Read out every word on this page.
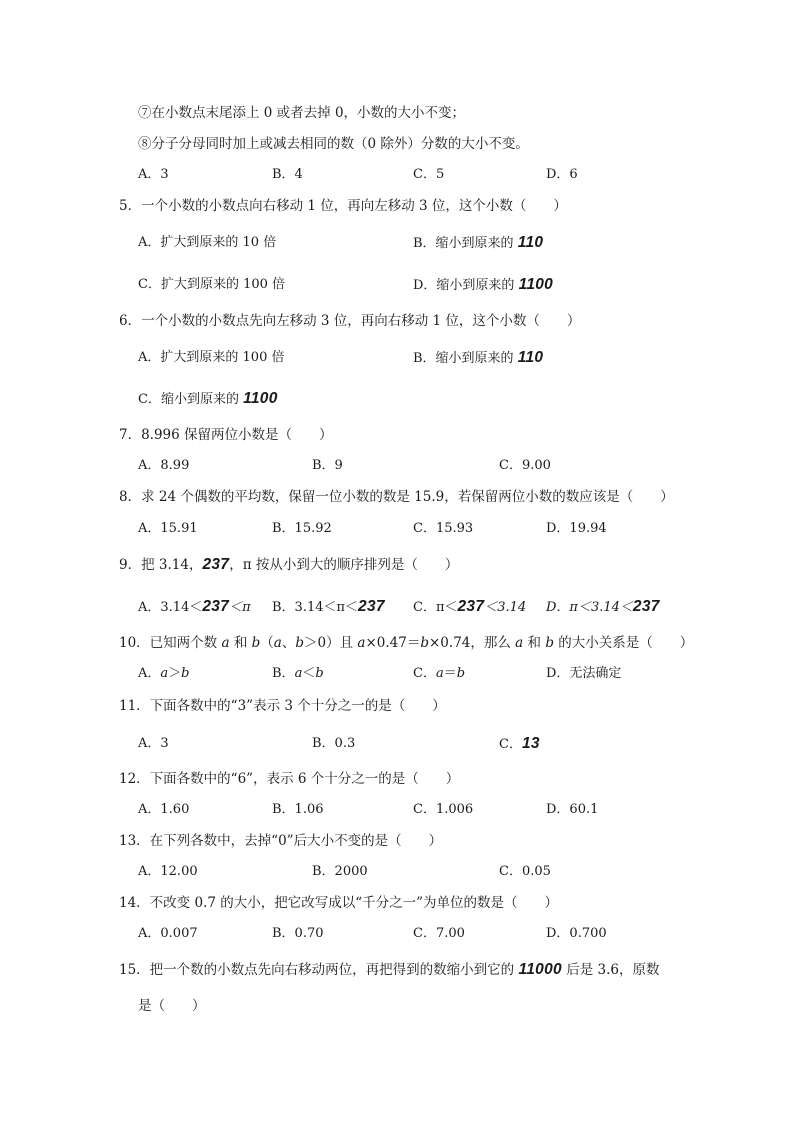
⑦在小数点末尾添上 0 或者去掉 0，小数的大小不变；
⑧分子分母同时加上或减去相同的数（0 除外）分数的大小不变。
A．3	B．4	C．5	D．6
5．一个小数的小数点向右移动 1 位，再向左移动 3 位，这个小数（　　）
A．扩大到原来的 10 倍	B．缩小到原来的 110
C．扩大到原来的 100 倍	D．缩小到原来的 1100
6．一个小数的小数点先向左移动 3 位，再向右移动 1 位，这个小数（　　）
A．扩大到原来的 100 倍	B．缩小到原来的 110
C．缩小到原来的 1100
7．8.996 保留两位小数是（　　）
A．8.99	B．9	C．9.00
8．求 24 个偶数的平均数，保留一位小数的数是 15.9，若保留两位小数的数应该是（　　）
A．15.91	B．15.92	C．15.93	D．19.94
9．把 3.14，237，π 按从小到大的顺序排列是（　　）
A．3.14＜237＜π B．3.14＜π＜237 C．π＜237＜3.14 D．π＜3.14＜237
10．已知两个数 a 和 b（a、b＞0）且 a×0.47＝b×0.74，那么 a 和 b 的大小关系是（　　）
A．a＞b	B．a＜b	C．a＝b	D．无法确定
11．下面各数中的“3”表示 3 个十分之一的是（　　）
A．3	B．0.3	C．13
12．下面各数中的“6”，表示 6 个十分之一的是（　　）
A．1.60	B．1.06	C．1.006	D．60.1
13．在下列各数中，去掉“0”后大小不变的是（　　）
A．12.00	B．2000	C．0.05
14．不改变 0.7 的大小，把它改写成以“千分之一”为单位的数是（　　）
A．0.007	B．0.70	C．7.00	D．0.700
15．把一个数的小数点先向右移动两位，再把得到的数缩小到它的 11000 后是 3.6，原数
是（　　）
